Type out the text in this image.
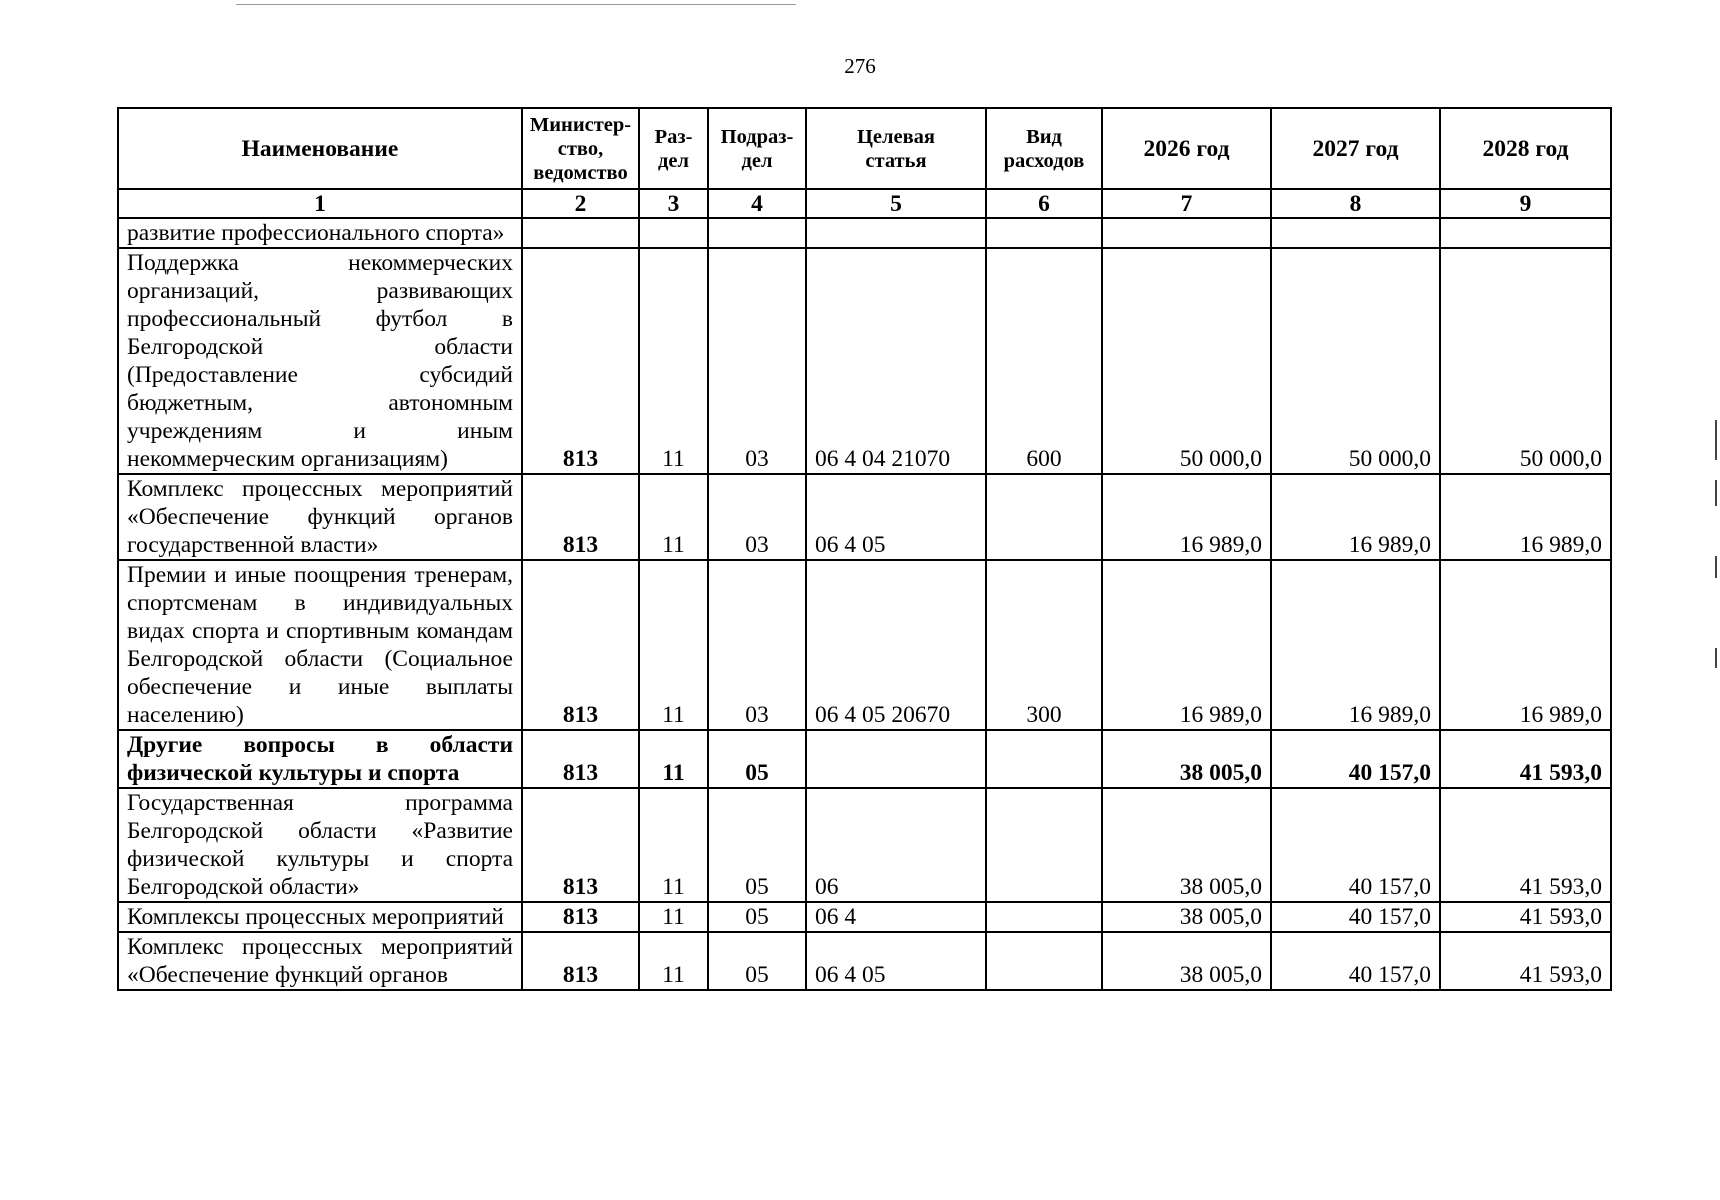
276
Наименование	Министер-ство, ведомство	Раз-дел	Подраз-дел	Целевая статья	Вид расходов	2026 год	2027 год	2028 год
1	2	3	4	5	6	7	8	9
развитие профессионального спорта»								
Поддержка некоммерческих организаций, развивающих профессиональный футбол в Белгородской области (Предоставление субсидий бюджетным, автономным учреждениям и иным некоммерческим организациям)	813	11	03	06 4 04 21070	600	50 000,0	50 000,0	50 000,0
Комплекс процессных мероприятий «Обеспечение функций органов государственной власти»	813	11	03	06 4 05		16 989,0	16 989,0	16 989,0
Премии и иные поощрения тренерам, спортсменам в индивидуальных видах спорта и спортивным командам Белгородской области (Социальное обеспечение и иные выплаты населению)	813	11	03	06 4 05 20670	300	16 989,0	16 989,0	16 989,0
Другие вопросы в области физической культуры и спорта	813	11	05			38 005,0	40 157,0	41 593,0
Государственная программа Белгородской области «Развитие физической культуры и спорта Белгородской области»	813	11	05	06		38 005,0	40 157,0	41 593,0
Комплексы процессных мероприятий	813	11	05	06 4		38 005,0	40 157,0	41 593,0
Комплекс процессных мероприятий «Обеспечение функций органов	813	11	05	06 4 05		38 005,0	40 157,0	41 593,0
